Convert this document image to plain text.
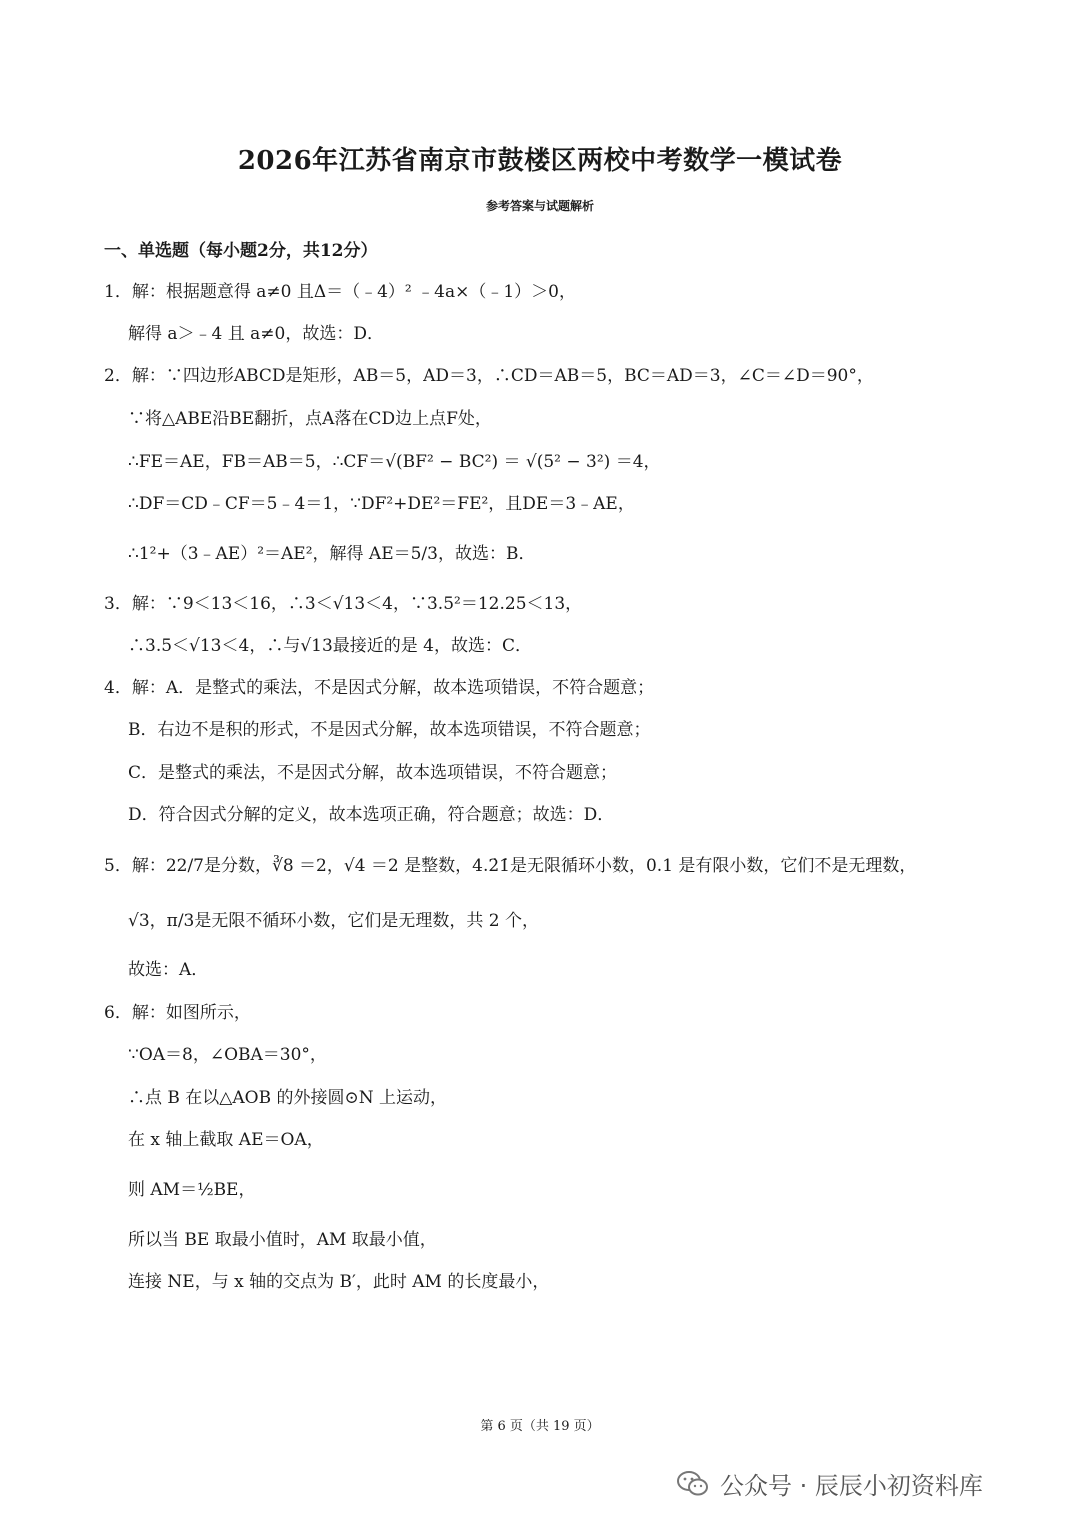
2026年江苏省南京市鼓楼区两校中考数学一模试卷
参考答案与试题解析
一、单选题（每小题2分，共12分）
1．解：根据题意得 a≠0 且Δ＝（﹣4）² ﹣4a×（﹣1）＞0，
解得 a＞﹣4 且 a≠0，故选：D．
2．解：∵四边形ABCD是矩形，AB＝5，AD＝3，∴CD＝AB＝5，BC＝AD＝3，∠C＝∠D＝90°，
∵将△ABE沿BE翻折，点A落在CD边上点F处，
∴FE＝AE，FB＝AB＝5，∴CF＝√(BF² − BC²) ＝ √(5² − 3²) ＝4，
∴DF＝CD﹣CF＝5﹣4＝1，∵DF²+DE²＝FE²，且DE＝3﹣AE，
∴1²+（3﹣AE）²＝AE²，解得 AE＝5/3，故选：B．
3．解：∵9＜13＜16，∴3＜√13＜4，∵3.5²＝12.25＜13，
∴3.5＜√13＜4，∴与√13最接近的是 4，故选：C．
4．解：A．是整式的乘法，不是因式分解，故本选项错误，不符合题意；
B．右边不是积的形式，不是因式分解，故本选项错误，不符合题意；
C．是整式的乘法，不是因式分解，故本选项错误，不符合题意；
D．符合因式分解的定义，故本选项正确，符合题意；故选：D．
5．解：22/7是分数，∛8 ＝2，√4 ＝2 是整数，4.2̇1̇是无限循环小数，0.1 是有限小数，它们不是无理数，
√3，π/3是无限不循环小数，它们是无理数，共 2 个，
故选：A．
6．解：如图所示，
∵OA＝8，∠OBA＝30°，
∴点 B 在以△AOB 的外接圆⊙N 上运动，
在 x 轴上截取 AE＝OA，
则 AM＝½BE，
所以当 BE 取最小值时，AM 取最小值，
连接 NE，与 x 轴的交点为 B′，此时 AM 的长度最小，
第 6 页（共 19 页）
公众号 · 辰辰小初资料库
